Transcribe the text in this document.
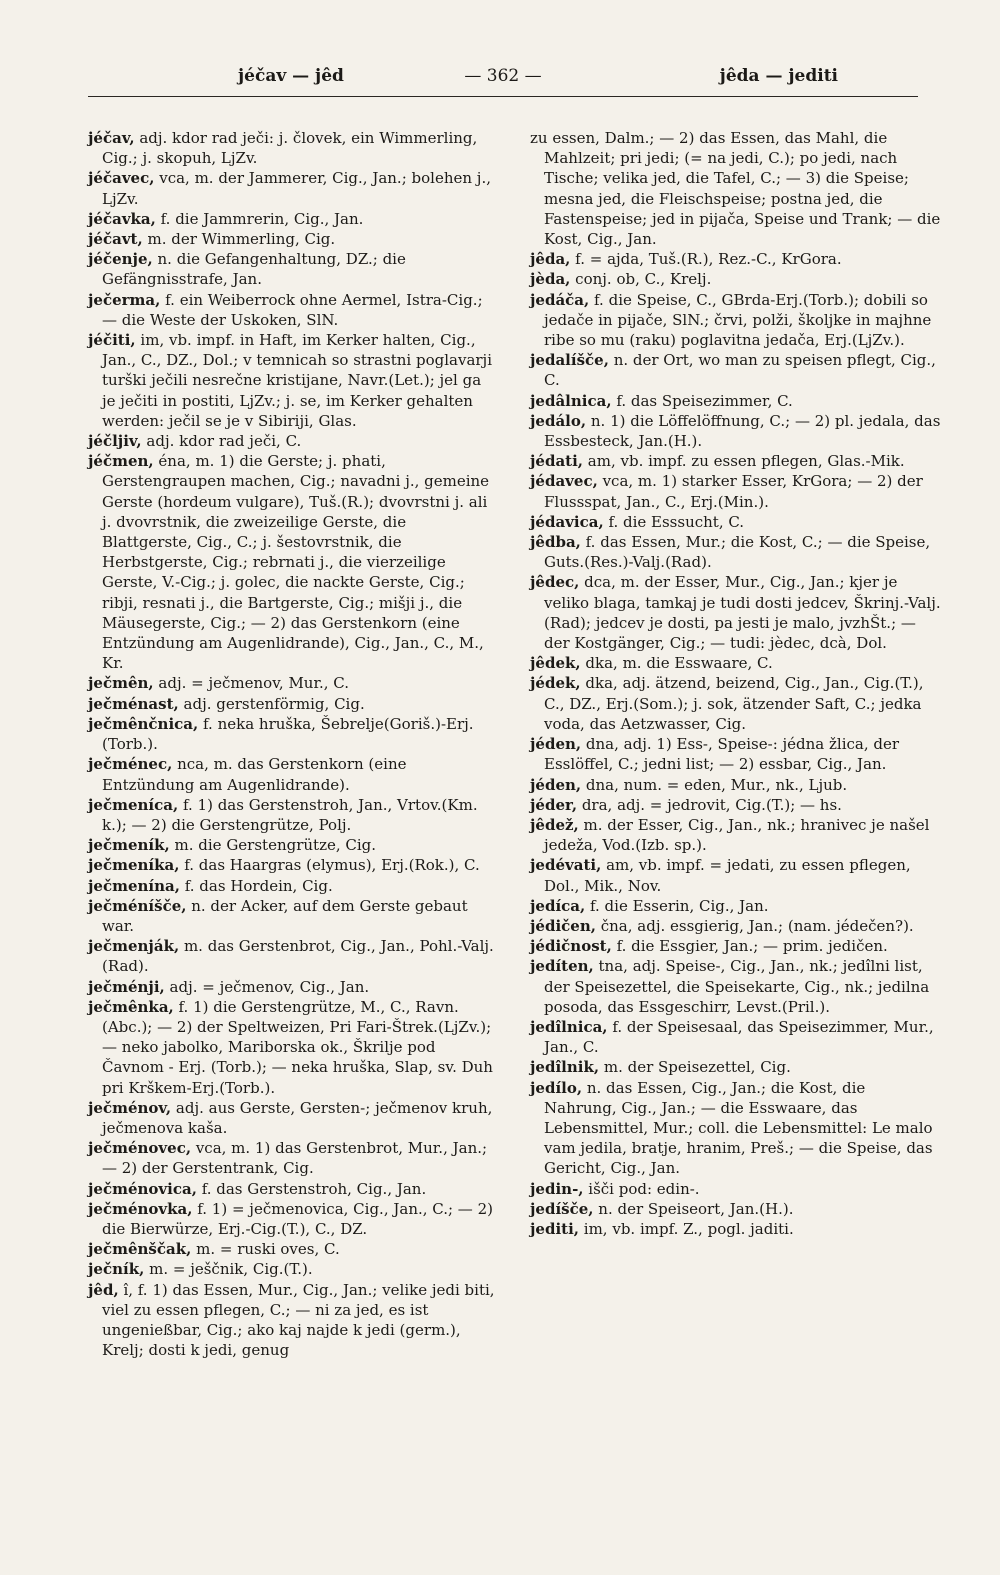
jéčav — jêd	— 362 —	jêda — jediti

jéčav, adj. kdor rad ječi: j. človek, ein Wimmerling, Cig.; j. skopuh, LjZv.

jéčavec, vca, m. der Jammerer, Cig., Jan.; bolehen j., LjZv.

jéčavka, f. die Jammrerin, Cig., Jan.

jéčavt, m. der Wimmerling, Cig.

jéčenje, n. die Gefangenhaltung, DZ.; die Gefängnisstrafe, Jan.

ječerma, f. ein Weiberrock ohne Aermel, Istra-Cig.; — die Weste der Uskoken, SlN.

jéčiti, im, vb. impf. in Haft, im Kerker halten, Cig., Jan., C., DZ., Dol.; v temnicah so strastni poglavarji turški ječili nesrečne kristijane, Navr.(Let.); jel ga je ječiti in postiti, LjZv.; j. se, im Kerker gehalten werden: ječil se je v Sibiriji, Glas.

jéčljiv, adj. kdor rad ječi, C.

jéčmen, éna, m. 1) die Gerste; j. phati, Gerstengraupen machen, Cig.; navadni j., gemeine Gerste (hordeum vulgare), Tuš.(R.); dvovrstni j. ali j. dvovrstnik, die zweizeilige Gerste, die Blattgerste, Cig., C.; j. šestovrstnik, die Herbstgerste, Cig.; rebrnati j., die vierzeilige Gerste, V.-Cig.; j. golec, die nackte Gerste, Cig.; ribji, resnati j., die Bartgerste, Cig.; mišji j., die Mäusegerste, Cig.; — 2) das Gerstenkorn (eine Entzündung am Augenlidrande), Cig., Jan., C., M., Kr.

ječmên, adj. = ječmenov, Mur., C.

ječménast, adj. gerstenförmig, Cig.

ječmênčnica, f. neka hruška, Šebrelje(Goriš.)-Erj.(Torb.).

ječménec, nca, m. das Gerstenkorn (eine Entzündung am Augenlidrande).

ječmeníca, f. 1) das Gerstenstroh, Jan., Vrtov.(Km. k.); — 2) die Gerstengrütze, Polj.

ječmeník, m. die Gerstengrütze, Cig.

ječmeníka, f. das Haargras (elymus), Erj.(Rok.), C.

ječmenína, f. das Hordein, Cig.

ječméníšče, n. der Acker, auf dem Gerste gebaut war.

ječmenják, m. das Gerstenbrot, Cig., Jan., Pohl.-Valj. (Rad).

ječménji, adj. = ječmenov, Cig., Jan.

ječmênka, f. 1) die Gerstengrütze, M., C., Ravn.(Abc.); — 2) der Speltweizen, Pri Fari-Štrek.(LjZv.); — neko jabolko, Mariborska ok., Škrilje pod Čavnom - Erj. (Torb.); — neka hruška, Slap, sv. Duh pri Krškem-Erj.(Torb.).

ječménov, adj. aus Gerste, Gersten-; ječmenov kruh, ječmenova kaša.

ječménovec, vca, m. 1) das Gerstenbrot, Mur., Jan.; — 2) der Gerstentrank, Cig.

ječménovica, f. das Gerstenstroh, Cig., Jan.

ječménovka, f. 1) = ječmenovica, Cig., Jan., C.; — 2) die Bierwürze, Erj.-Cig.(T.), C., DZ.

ječmênščak, m. = ruski oves, C.

ječník, m. = ješčnik, Cig.(T.).

jêd, î, f. 1) das Essen, Mur., Cig., Jan.; velike jedi biti, viel zu essen pflegen, C.; — ni za jed, es ist ungenießbar, Cig.; ako kaj najde k jedi (germ.), Krelj; dosti k jedi, genug

zu essen, Dalm.; — 2) das Essen, das Mahl, die Mahlzeit; pri jedi; (= na jedi, C.); po jedi, nach Tische; velika jed, die Tafel, C.; — 3) die Speise; mesna jed, die Fleischspeise; postna jed, die Fastenspeise; jed in pijača, Speise und Trank; — die Kost, Cig., Jan.

jêda, f. = ajda, Tuš.(R.), Rez.-C., KrGora.

jèda, conj. ob, C., Krelj.

jedáča, f. die Speise, C., GBrda-Erj.(Torb.); dobili so jedače in pijače, SlN.; črvi, polži, školjke in majhne ribe so mu (raku) poglavitna jedača, Erj.(LjZv.).

jedalíšče, n. der Ort, wo man zu speisen pflegt, Cig., C.

jedâlnica, f. das Speisezimmer, C.

jedálo, n. 1) die Löffelöffnung, C.; — 2) pl. jedala, das Essbesteck, Jan.(H.).

jédati, am, vb. impf. zu essen pflegen, Glas.-Mik.

jédavec, vca, m. 1) starker Esser, KrGora; — 2) der Flussspat, Jan., C., Erj.(Min.).

jédavica, f. die Esssucht, C.

jêdba, f. das Essen, Mur.; die Kost, C.; — die Speise, Guts.(Res.)-Valj.(Rad).

jêdec, dca, m. der Esser, Mur., Cig., Jan.; kjer je veliko blaga, tamkaj je tudi dosti jedcev, Škrinj.-Valj.(Rad); jedcev je dosti, pa jesti je malo, jvzhŠt.; — der Kostgänger, Cig.; — tudi: jèdec, dcà, Dol.

jêdek, dka, m. die Esswaare, C.

jédek, dka, adj. ätzend, beizend, Cig., Jan., Cig.(T.), C., DZ., Erj.(Som.); j. sok, ätzender Saft, C.; jedka voda, das Aetzwasser, Cig.

jéden, dna, adj. 1) Ess-, Speise-: jédna žlica, der Esslöffel, C.; jedni list; — 2) essbar, Cig., Jan.

jéden, dna, num. = eden, Mur., nk., Ljub.

jéder, dra, adj. = jedrovit, Cig.(T.); — hs.

jêdež, m. der Esser, Cig., Jan., nk.; hranivec je našel jedeža, Vod.(Izb. sp.).

jedévati, am, vb. impf. = jedati, zu essen pflegen, Dol., Mik., Nov.

jedíca, f. die Esserin, Cig., Jan.

jédičen, čna, adj. essgierig, Jan.; (nam. jédečen?).

jédičnost, f. die Essgier, Jan.; — prim. jedičen.

jedíten, tna, adj. Speise-, Cig., Jan., nk.; jedîlni list, der Speisezettel, die Speisekarte, Cig., nk.; jedilna posoda, das Essgeschirr, Levst.(Pril.).

jedîlnica, f. der Speisesaal, das Speisezimmer, Mur., Jan., C.

jedîlnik, m. der Speisezettel, Cig.

jedílo, n. das Essen, Cig., Jan.; die Kost, die Nahrung, Cig., Jan.; — die Esswaare, das Lebensmittel, Mur.; coll. die Lebensmittel: Le malo vam jedila, bratje, hranim, Preš.; — die Speise, das Gericht, Cig., Jan.

jedin-, išči pod: edin-.

jedíšče, n. der Speiseort, Jan.(H.).

jediti, im, vb. impf. Z., pogl. jaditi.
